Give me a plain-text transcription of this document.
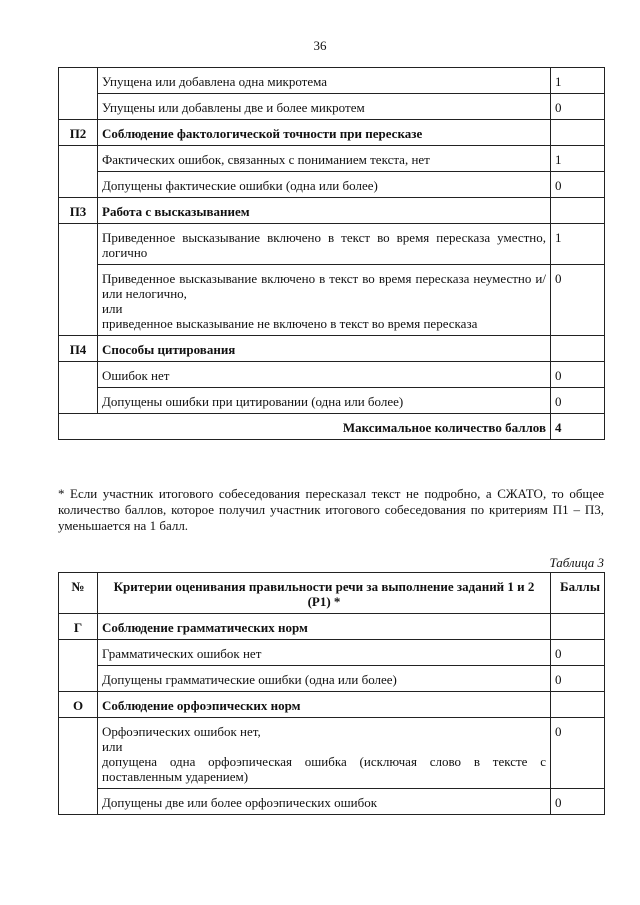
36
	Упущена или добавлена одна микротема	1
	Упущены или добавлены две и более микротем	0
П2	Соблюдение фактологической точности при пересказе	
	Фактических ошибок, связанных с пониманием текста, нет	1
	Допущены фактические ошибки (одна или более)	0
П3	Работа с высказыванием	
	Приведенное высказывание включено в текст во время пересказа уместно, логично	1

	Приведенное высказывание включено в текст во время пересказа неуместно и/или нелогично,
или
приведенное высказывание не включено в текст во время пересказа	0
П4	Способы цитирования	
	Ошибок нет	0
	Допущены ошибки при цитировании (одна или более)	0
Максимальное количество баллов		4
* Если участник итогового собеседования пересказал текст не подробно, а СЖАТО, то общее количество баллов, которое получил участник итогового собеседования по критериям П1 – П3, уменьшается на 1 балл.
Таблица 3
№	Критерии оценивания правильности речи за выполнение заданий 1 и 2 (Р1) *	Баллы
Г	Соблюдение грамматических норм	
	Грамматических ошибок нет	0
	Допущены грамматические ошибки (одна или более)	0
О	Соблюдение орфоэпических норм	

	Орфоэпических ошибок нет,
или
допущена одна орфоэпическая ошибка (исключая слово в тексте с поставленным ударением)	0
	Допущены две или более орфоэпических ошибок	0
